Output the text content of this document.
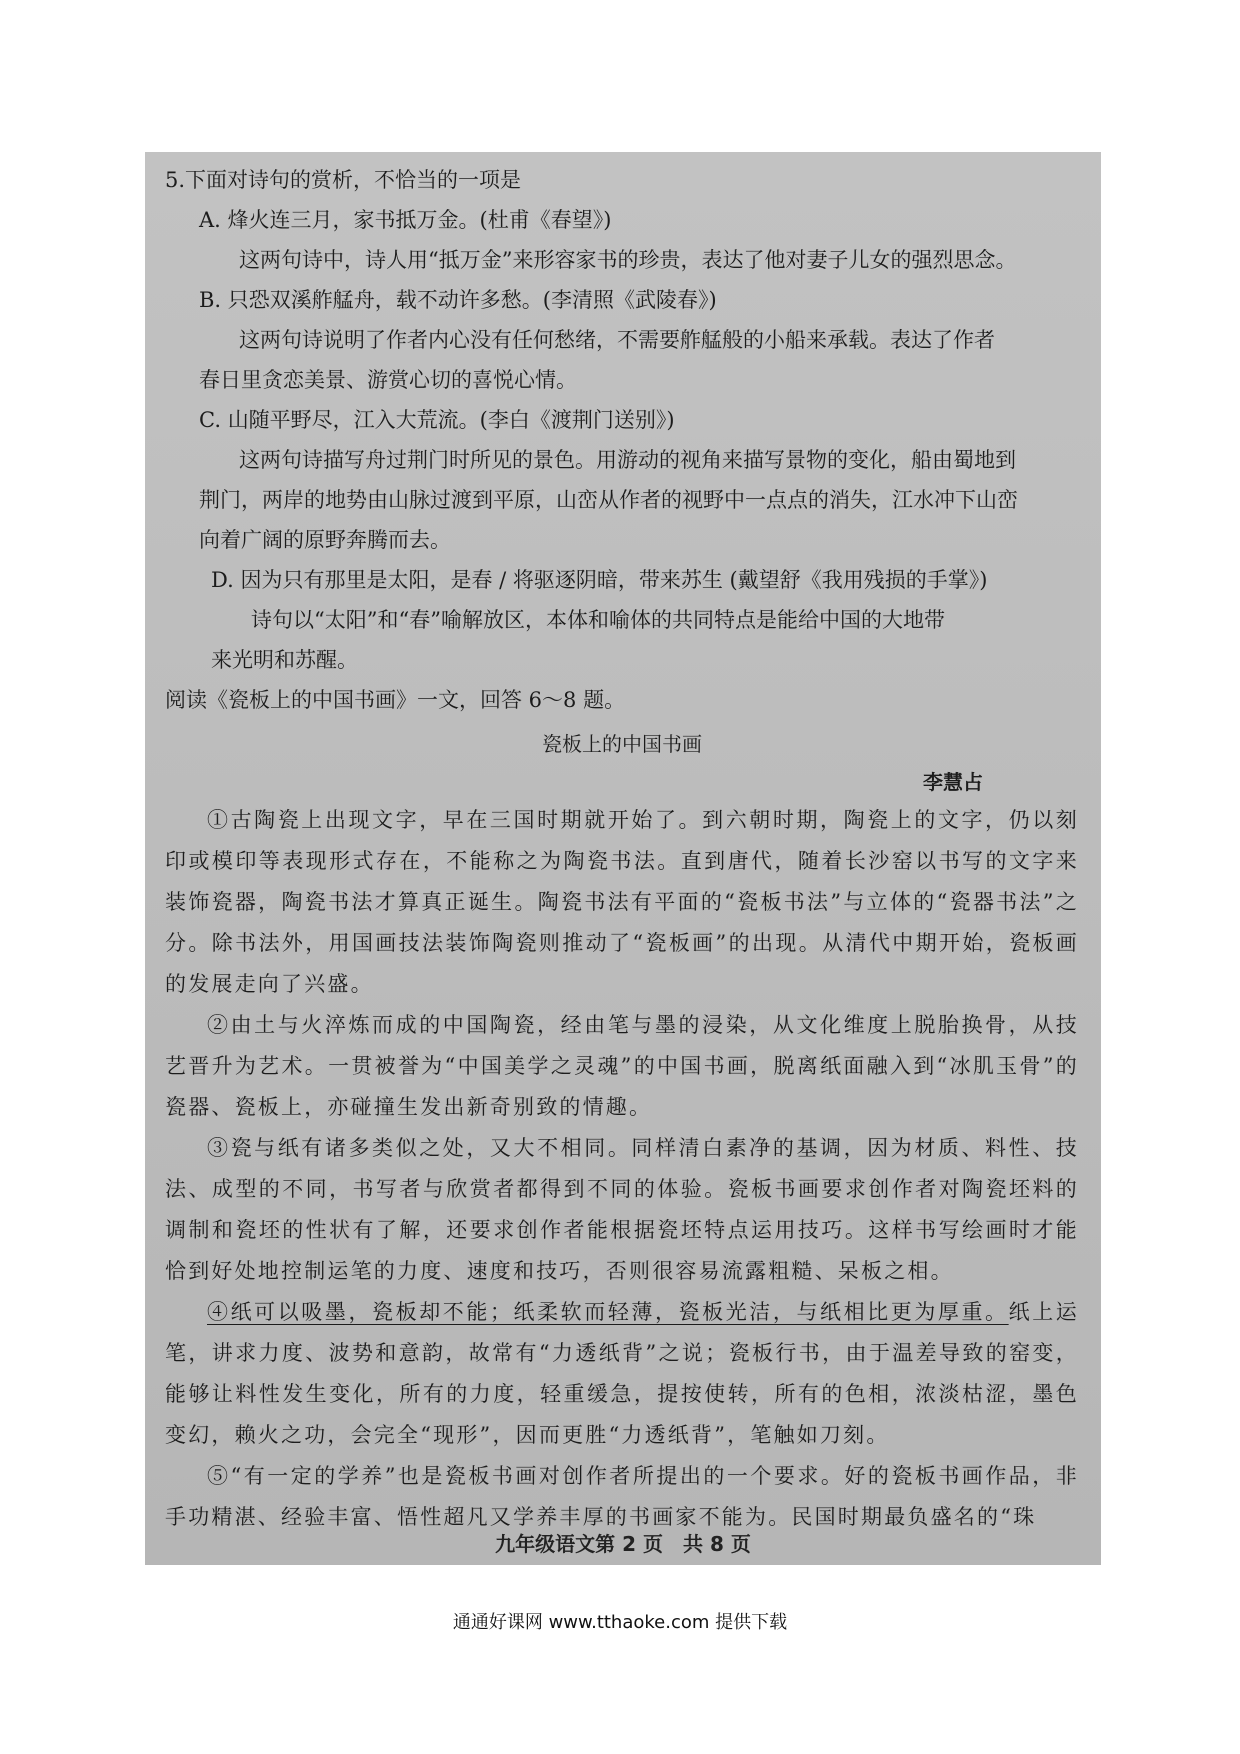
5.下面对诗句的赏析，不恰当的一项是
A. 烽火连三月，家书抵万金。(杜甫《春望》)
这两句诗中，诗人用“抵万金”来形容家书的珍贵，表达了他对妻子儿女的强烈思念。
B. 只恐双溪舴艋舟，载不动许多愁。(李清照《武陵春》)
这两句诗说明了作者内心没有任何愁绪，不需要舴艋般的小船来承载。表达了作者
春日里贪恋美景、游赏心切的喜悦心情。
C. 山随平野尽，江入大荒流。(李白《渡荆门送别》)
这两句诗描写舟过荆门时所见的景色。用游动的视角来描写景物的变化，船由蜀地到
荆门，两岸的地势由山脉过渡到平原，山峦从作者的视野中一点点的消失，江水冲下山峦
向着广阔的原野奔腾而去。
D. 因为只有那里是太阳，是春 / 将驱逐阴暗，带来苏生 (戴望舒《我用残损的手掌》)
诗句以“太阳”和“春”喻解放区，本体和喻体的共同特点是能给中国的大地带
来光明和苏醒。
阅读《瓷板上的中国书画》一文，回答 6～8 题。
瓷板上的中国书画
李慧占

①古陶瓷上出现文字，早在三国时期就开始了。到六朝时期，陶瓷上的文字，仍以刻印或模印等表现形式存在，不能称之为陶瓷书法。直到唐代，随着长沙窑以书写的文字来装饰瓷器，陶瓷书法才算真正诞生。陶瓷书法有平面的“瓷板书法”与立体的“瓷器书法”之分。除书法外，用国画技法装饰陶瓷则推动了“瓷板画”的出现。从清代中期开始，瓷板画的发展走向了兴盛。

②由土与火淬炼而成的中国陶瓷，经由笔与墨的浸染，从文化维度上脱胎换骨，从技艺晋升为艺术。一贯被誉为“中国美学之灵魂”的中国书画，脱离纸面融入到“冰肌玉骨”的瓷器、瓷板上，亦碰撞生发出新奇别致的情趣。

③瓷与纸有诸多类似之处，又大不相同。同样清白素净的基调，因为材质、料性、技法、成型的不同，书写者与欣赏者都得到不同的体验。瓷板书画要求创作者对陶瓷坯料的调制和瓷坯的性状有了解，还要求创作者能根据瓷坯特点运用技巧。这样书写绘画时才能恰到好处地控制运笔的力度、速度和技巧，否则很容易流露粗糙、呆板之相。

④纸可以吸墨，瓷板却不能；纸柔软而轻薄，瓷板光洁，与纸相比更为厚重。纸上运笔，讲求力度、波势和意韵，故常有“力透纸背”之说；瓷板行书，由于温差导致的窑变，能够让料性发生变化，所有的力度，轻重缓急，提按使转，所有的色相，浓淡枯涩，墨色变幻，赖火之功，会完全“现形”，因而更胜“力透纸背”，笔触如刀刻。

⑤“有一定的学养”也是瓷板书画对创作者所提出的一个要求。好的瓷板书画作品，非手功精湛、经验丰富、悟性超凡又学养丰厚的书画家不能为。民国时期最负盛名的“珠

九年级语文第 2 页　共 8 页
通通好课网 www.tthaoke.com 提供下载
